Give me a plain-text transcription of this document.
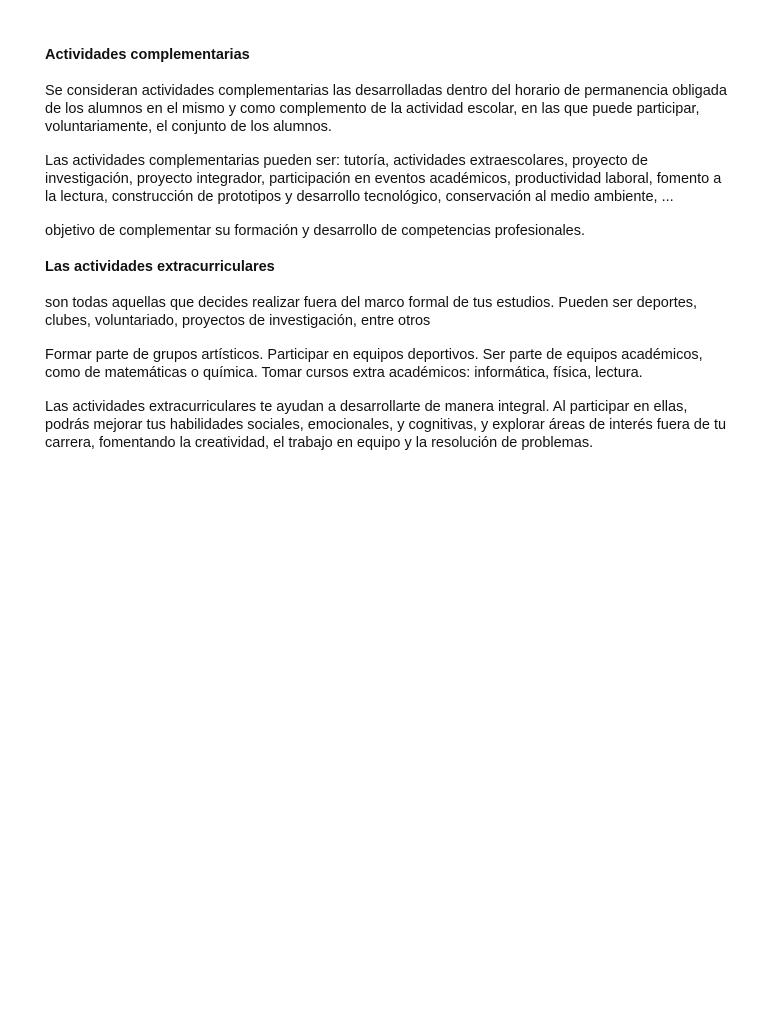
Actividades complementarias

Se consideran actividades complementarias las desarrolladas dentro del horario de permanencia obligada de los alumnos en el mismo y como complemento de la actividad escolar, en las que puede participar, voluntariamente, el conjunto de los alumnos.

Las actividades complementarias pueden ser: tutoría, actividades extraescolares, proyecto de investigación, proyecto integrador, participación en eventos académicos, productividad laboral, fomento a la lectura, construcción de prototipos y desarrollo tecnológico, conservación al medio ambiente, ...

objetivo de complementar su formación y desarrollo de competencias profesionales.

Las actividades extracurriculares

son todas aquellas que decides realizar fuera del marco formal de tus estudios. Pueden ser deportes, clubes, voluntariado, proyectos de investigación, entre otros

Formar parte de grupos artísticos. Participar en equipos deportivos. Ser parte de equipos académicos, como de matemáticas o química. Tomar cursos extra académicos: informática, física, lectura.

Las actividades extracurriculares te ayudan a desarrollarte de manera integral. Al participar en ellas, podrás mejorar tus habilidades sociales, emocionales, y cognitivas, y explorar áreas de interés fuera de tu carrera, fomentando la creatividad, el trabajo en equipo y la resolución de problemas.
